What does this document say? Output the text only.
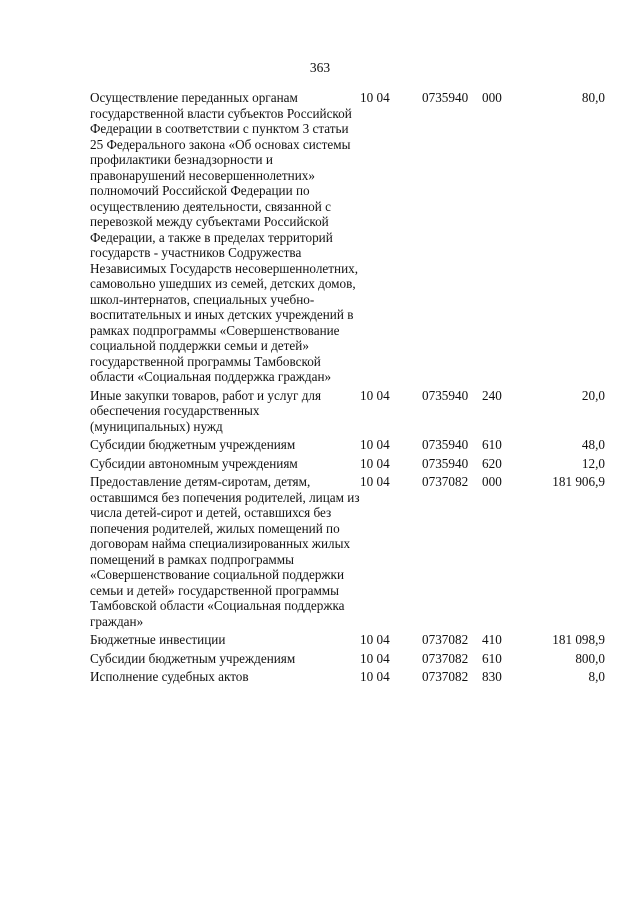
363
Осуществление переданных органам государственной власти субъектов Российской Федерации в соответствии с пунктом 3 статьи 25 Федерального закона «Об основах системы профилактики безнадзорности и правонарушений несовершеннолетних» полномочий Российской Федерации по осуществлению деятельности, связанной с перевозкой между субъектами Российской Федерации, а также в пределах территорий государств - участников Содружества Независимых Государств несовершеннолетних, самовольно ушедших из семей, детских домов, школ-интернатов, специальных учебно-воспитательных и иных детских учреждений в рамках подпрограммы «Совершенствование социальной поддержки семьи и детей» государственной программы Тамбовской области «Социальная поддержка граждан»	10 04	0735940	000	80,0
Иные закупки товаров, работ и услуг для обеспечения государственных (муниципальных) нужд	10 04	0735940	240	20,0
Субсидии бюджетным учреждениям	10 04	0735940	610	48,0
Субсидии автономным учреждениям	10 04	0735940	620	12,0
Предоставление детям-сиротам, детям, оставшимся без попечения родителей, лицам из числа детей-сирот и детей, оставшихся без попечения родителей, жилых помещений по договорам найма специализированных жилых помещений в рамках подпрограммы «Совершенствование социальной поддержки семьи и детей» государственной программы Тамбовской области «Социальная поддержка граждан»	10 04	0737082	000	181 906,9
Бюджетные инвестиции	10 04	0737082	410	181 098,9
Субсидии бюджетным учреждениям	10 04	0737082	610	800,0
Исполнение судебных актов	10 04	0737082	830	8,0
